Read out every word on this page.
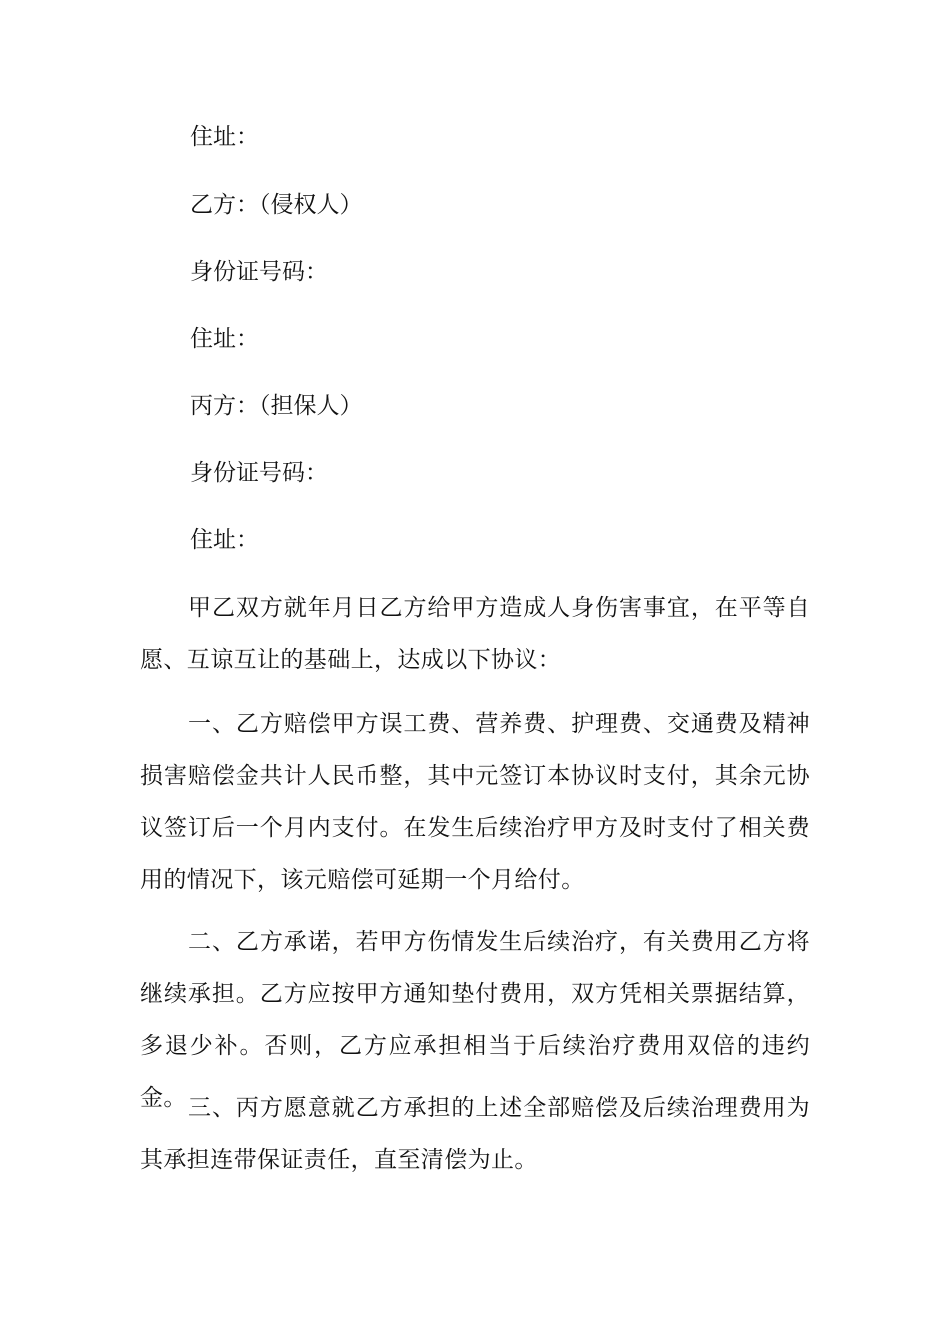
住址：
乙方：（侵权人）
身份证号码：
住址：
丙方：（担保人）
身份证号码：
住址：
甲乙双方就年月日乙方给甲方造成人身伤害事宜，在平等自愿、互谅互让的基础上，达成以下协议：
一、乙方赔偿甲方误工费、营养费、护理费、交通费及精神损害赔偿金共计人民币整，其中元签订本协议时支付，其余元协议签订后一个月内支付。在发生后续治疗甲方及时支付了相关费用的情况下，该元赔偿可延期一个月给付。
二、乙方承诺，若甲方伤情发生后续治疗，有关费用乙方将继续承担。乙方应按甲方通知垫付费用，双方凭相关票据结算，多退少补。否则，乙方应承担相当于后续治疗费用双倍的违约金。 三、丙方愿意就乙方承担的上述全部赔偿及后续治理费用为其承担连带保证责任，直至清偿为止。
